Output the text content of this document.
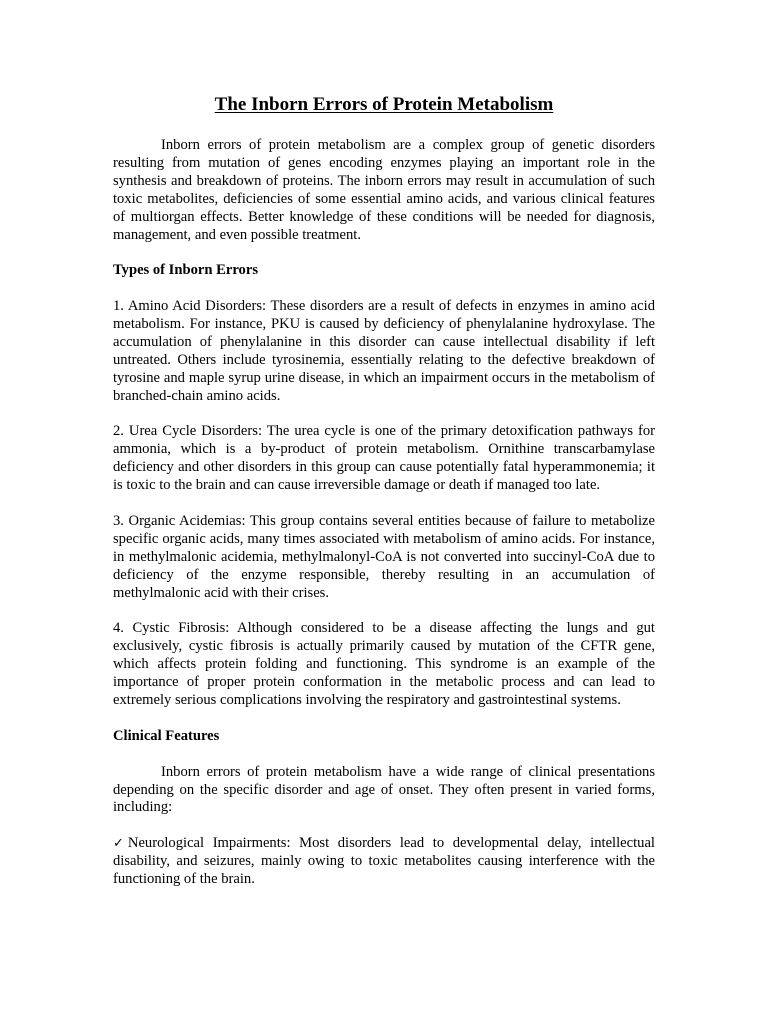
The Inborn Errors of Protein Metabolism

Inborn errors of protein metabolism are a complex group of genetic disorders resulting from mutation of genes encoding enzymes playing an important role in the synthesis and breakdown of proteins. The inborn errors may result in accumulation of such toxic metabolites, deficiencies of some essential amino acids, and various clinical features of multiorgan effects. Better knowledge of these conditions will be needed for diagnosis, management, and even possible treatment.

Types of Inborn Errors

1. Amino Acid Disorders: These disorders are a result of defects in enzymes in amino acid metabolism. For instance, PKU is caused by deficiency of phenylalanine hydroxylase. The accumulation of phenylalanine in this disorder can cause intellectual disability if left untreated. Others include tyrosinemia, essentially relating to the defective breakdown of tyrosine and maple syrup urine disease, in which an impairment occurs in the metabolism of branched-chain amino acids.

2. Urea Cycle Disorders: The urea cycle is one of the primary detoxification pathways for ammonia, which is a by-product of protein metabolism. Ornithine transcarbamylase deficiency and other disorders in this group can cause potentially fatal hyperammonemia; it is toxic to the brain and can cause irreversible damage or death if managed too late.

3. Organic Acidemias: This group contains several entities because of failure to metabolize specific organic acids, many times associated with metabolism of amino acids. For instance, in methylmalonic acidemia, methylmalonyl-CoA is not converted into succinyl-CoA due to deficiency of the enzyme responsible, thereby resulting in an accumulation of methylmalonic acid with their crises.

4. Cystic Fibrosis: Although considered to be a disease affecting the lungs and gut exclusively, cystic fibrosis is actually primarily caused by mutation of the CFTR gene, which affects protein folding and functioning. This syndrome is an example of the importance of proper protein conformation in the metabolic process and can lead to extremely serious complications involving the respiratory and gastrointestinal systems.

Clinical Features

Inborn errors of protein metabolism have a wide range of clinical presentations depending on the specific disorder and age of onset. They often present in varied forms, including:

✓ Neurological Impairments: Most disorders lead to developmental delay, intellectual disability, and seizures, mainly owing to toxic metabolites causing interference with the functioning of the brain.
